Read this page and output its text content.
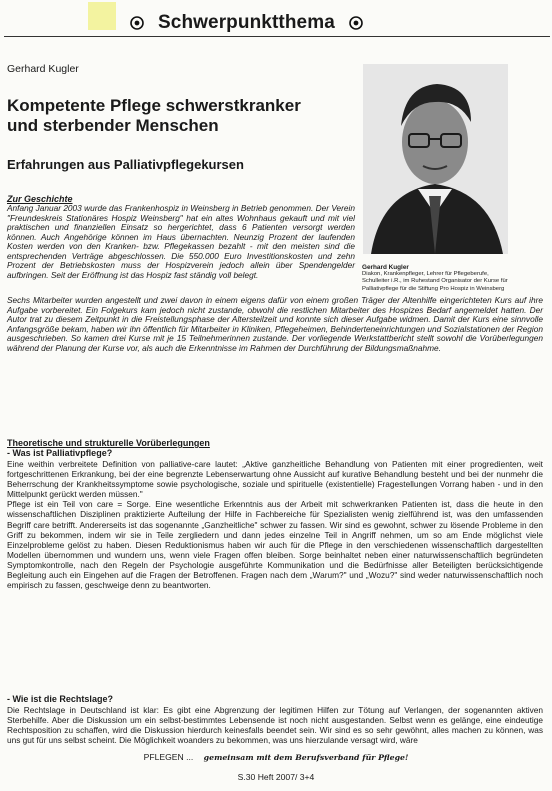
Schwerpunktthema
Gerhard Kugler
Kompetente Pflege schwerstkranker
und sterbender Menschen
Erfahrungen aus Palliativpflegekursen
Gerhard Kugler
Diakon, Krankenpfleger, Lehrer für Pflegeberufe, Schulleiter i.R., im Ruhestand Organisator der Kurse für Palliativpflege für die Stiftung Pro Hospiz in Weinsberg
Zur Geschichte

Anfang Januar 2003 wurde das Frankenhospiz in Weinsberg in Betrieb genommen. Der Verein "Freundeskreis Stationäres Hospiz Weinsberg" hat ein altes Wohnhaus gekauft und mit viel praktischen und finanziellen Einsatz so hergerichtet, dass 6 Patienten versorgt werden können. Auch Angehörige können im Haus übernachten. Neunzig Prozent der laufenden Kosten werden von den Kranken- bzw. Pflegekassen bezahlt - mit den meisten sind die entsprechenden Verträge abgeschlossen. Die 550.000 Euro Investitionskosten und zehn Prozent der Betriebskosten muss der Hospizverein jedoch allein über Spendengelder aufbringen. Seit der Eröffnung ist das Hospiz fast ständig voll belegt.

Sechs Mitarbeiter wurden angestellt und zwei davon in einem eigens dafür von einem großen Träger der Altenhilfe eingerichteten Kurs auf ihre Aufgabe vorbereitet. Ein Folgekurs kam jedoch nicht zustande, obwohl die restlichen Mitarbeiter des Hospizes Bedarf angemeldet hatten. Der Autor trat zu diesem Zeitpunkt in die Freistellungsphase der Altersteilzeit und konnte sich dieser Aufgabe widmen. Damit der Kurs eine sinnvolle Anfangsgröße bekam, haben wir ihn öffentlich für Mitarbeiter in Kliniken, Pflegeheimen, Behinderteneinrichtungen und Sozialstationen der Region ausgeschrieben. So kamen drei Kurse mit je 15 Teilnehmerinnen zustande. Der vorliegende Werkstattbericht stellt sowohl die Vorüberlegungen während der Planung der Kurse vor, als auch die Erkenntnisse im Rahmen der Durchführung der Bildungsmaßnahme.

Theoretische und strukturelle Vorüberlegungen
- Was ist Palliativpflege?

Eine weithin verbreitete Definition von palliative-care lautet: „Aktive ganzheitliche Behandlung von Patienten mit einer progredienten, weit fortgeschrittenen Erkrankung, bei der eine begrenzte Lebenserwartung ohne Aussicht auf kurative Behandlung besteht und bei der nunmehr die Beherrschung der Krankheitssymptome sowie psychologische, soziale und spirituelle (existentielle) Fragestellungen Vorrang haben - und in den Mittelpunkt gerückt werden müssen."

Pflege ist ein Teil von care = Sorge. Eine wesentliche Erkenntnis aus der Arbeit mit schwerkranken Patienten ist, dass die heute in den wissenschaftlichen Disziplinen praktizierte Aufteilung der Hilfe in Fachbereiche für Spezialisten wenig zielführend ist, was den umfassenden Begriff care betrifft. Andererseits ist das sogenannte „Ganzheitliche" schwer zu fassen. Wir sind es gewohnt, schwer zu lösende Probleme in den Griff zu bekommen, indem wir sie in Teile zergliedern und dann jedes einzelne Teil in Angriff nehmen, um so am Ende möglichst viele Einzelprobleme gelöst zu haben. Diesen Reduktionismus haben wir auch für die Pflege in den verschiedenen wissenschaftlich dargestellten Modellen übernommen und wundern uns, wenn viele Fragen offen bleiben. Sorge beinhaltet neben einer naturwissenschaftlich begründeten Symptomkontrolle, nach den Regeln der Psychologie ausgeführte Kommunikation und die Bedürfnisse aller Beteiligten berücksichtigende Begleitung auch ein Eingehen auf die Fragen der Betroffenen. Fragen nach dem „Warum?" und „Wozu?" sind weder naturwissenschaftlich noch empirisch zu fassen, geschweige denn zu beantworten.

- Wie ist die Rechtslage?

Die Rechtslage in Deutschland ist klar: Es gibt eine Abgrenzung der legitimen Hilfen zur Tötung auf Verlangen, der sogenannten aktiven Sterbehilfe. Aber die Diskussion um ein selbst-bestimmtes Lebensende ist noch nicht ausgestanden. Selbst wenn es gelänge, eine eindeutige Rechtsposition zu schaffen, wird die Diskussion hierdurch keinesfalls beendet sein. Wir sind es so sehr gewöhnt, alles machen zu können, was uns gut für uns selbst scheint. Die Möglichkeit woanders zu bekommen, was uns hierzulande versagt wird, wäre

PFLEGEN ... gemeinsam mit dem Berufsverband für Pflege!
S.30 Heft 2007/ 3+4
